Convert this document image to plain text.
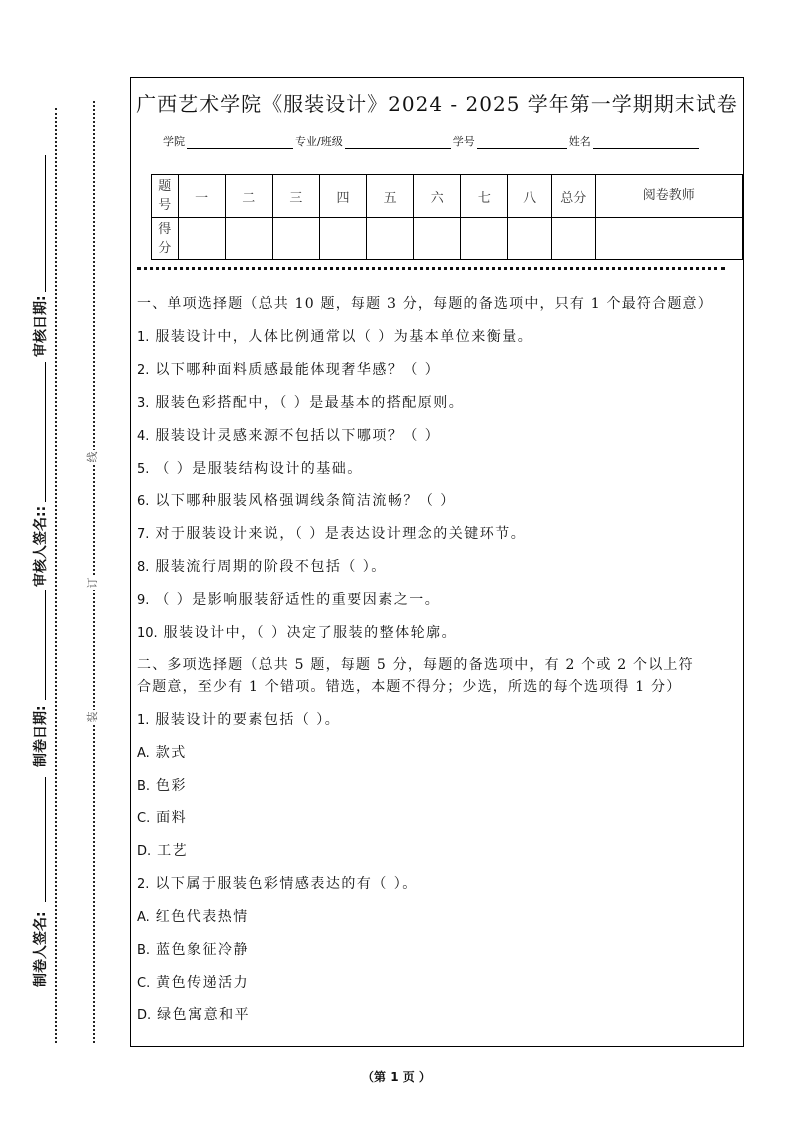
审核日期:
审核人签名::
制卷日期:
制卷人签名:
线
订
装
广西艺术学院《服装设计》2024 - 2025 学年第一学期期末试卷
学院	专业/班级	学号	姓名
题号	一	二	三	四	五	六	七	八	总分	阅卷教师
得分										
一、单项选择题（总共 10 题，每题 3 分，每题的备选项中，只有 1 个最符合题意）
1. 服装设计中，人体比例通常以（ ）为基本单位来衡量。
2. 以下哪种面料质感最能体现奢华感？（ ）
3. 服装色彩搭配中，（ ）是最基本的搭配原则。
4. 服装设计灵感来源不包括以下哪项？（ ）
5. （ ）是服装结构设计的基础。
6. 以下哪种服装风格强调线条简洁流畅？（ ）
7. 对于服装设计来说，（ ）是表达设计理念的关键环节。
8. 服装流行周期的阶段不包括（ ）。
9. （ ）是影响服装舒适性的重要因素之一。
10. 服装设计中，（ ）决定了服装的整体轮廓。
二、多项选择题（总共 5 题，每题 5 分，每题的备选项中，有 2 个或 2 个以上符
合题意，至少有 1 个错项。错选，本题不得分；少选，所选的每个选项得 1 分）
1. 服装设计的要素包括（ ）。
A. 款式
B. 色彩
C. 面料
D. 工艺
2. 以下属于服装色彩情感表达的有（ ）。
A. 红色代表热情
B. 蓝色象征冷静
C. 黄色传递活力
D. 绿色寓意和平
（第 1 页 ）
